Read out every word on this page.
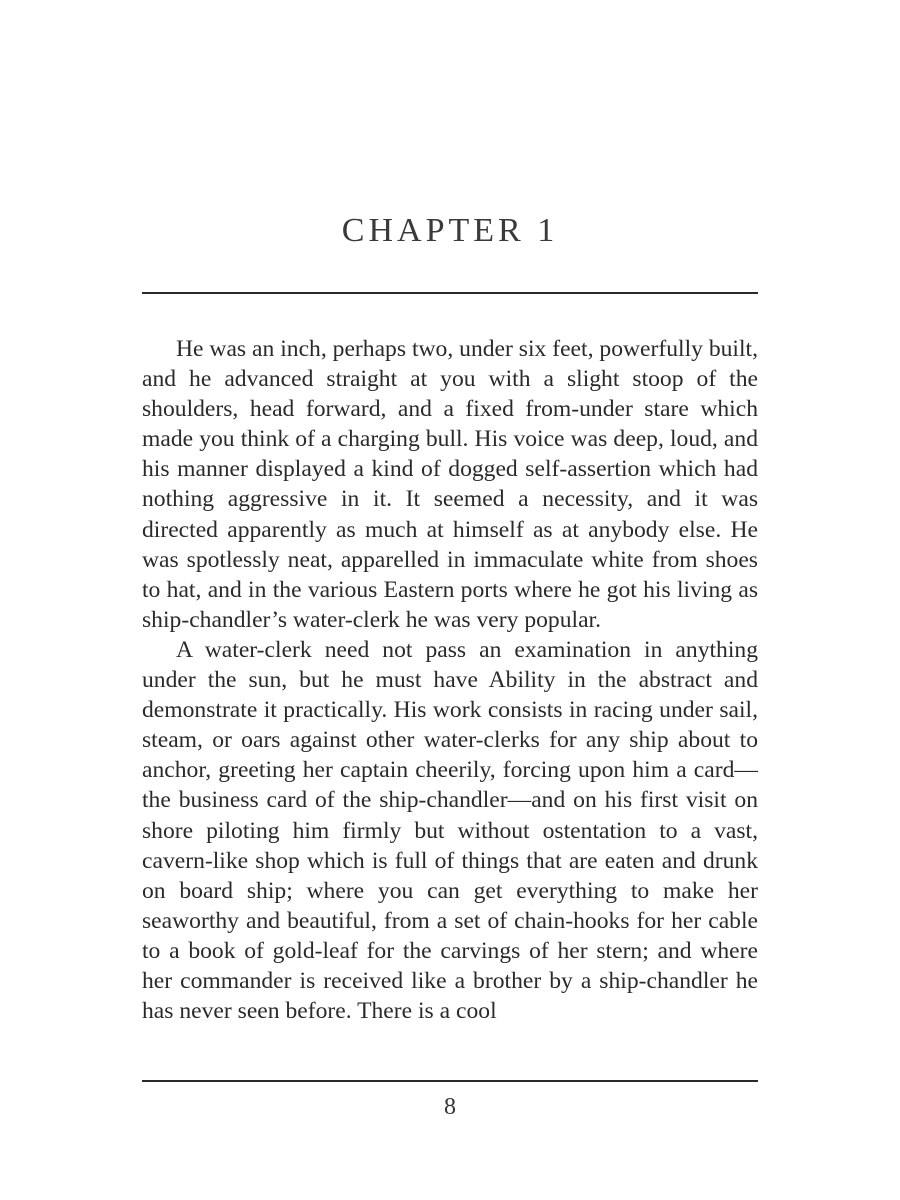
CHAPTER 1

He was an inch, perhaps two, under six feet, powerfully built, and he advanced straight at you with a slight stoop of the shoulders, head forward, and a fixed from-under stare which made you think of a charging bull. His voice was deep, loud, and his manner displayed a kind of dogged self-assertion which had nothing aggressive in it. It seemed a necessity, and it was directed apparently as much at himself as at anybody else. He was spotlessly neat, apparelled in immaculate white from shoes to hat, and in the various Eastern ports where he got his living as ship-chandler’s water-clerk he was very popular.

A water-clerk need not pass an examination in anything under the sun, but he must have Ability in the abstract and demonstrate it practically. His work consists in racing under sail, steam, or oars against other water-clerks for any ship about to anchor, greeting her captain cheerily, forcing upon him a card—the business card of the ship-chandler—and on his first visit on shore piloting him firmly but without ostentation to a vast, cavern-like shop which is full of things that are eaten and drunk on board ship; where you can get everything to make her seaworthy and beautiful, from a set of chain-hooks for her cable to a book of gold-leaf for the carvings of her stern; and where her commander is received like a brother by a ship-chandler he has never seen before. There is a cool

8
